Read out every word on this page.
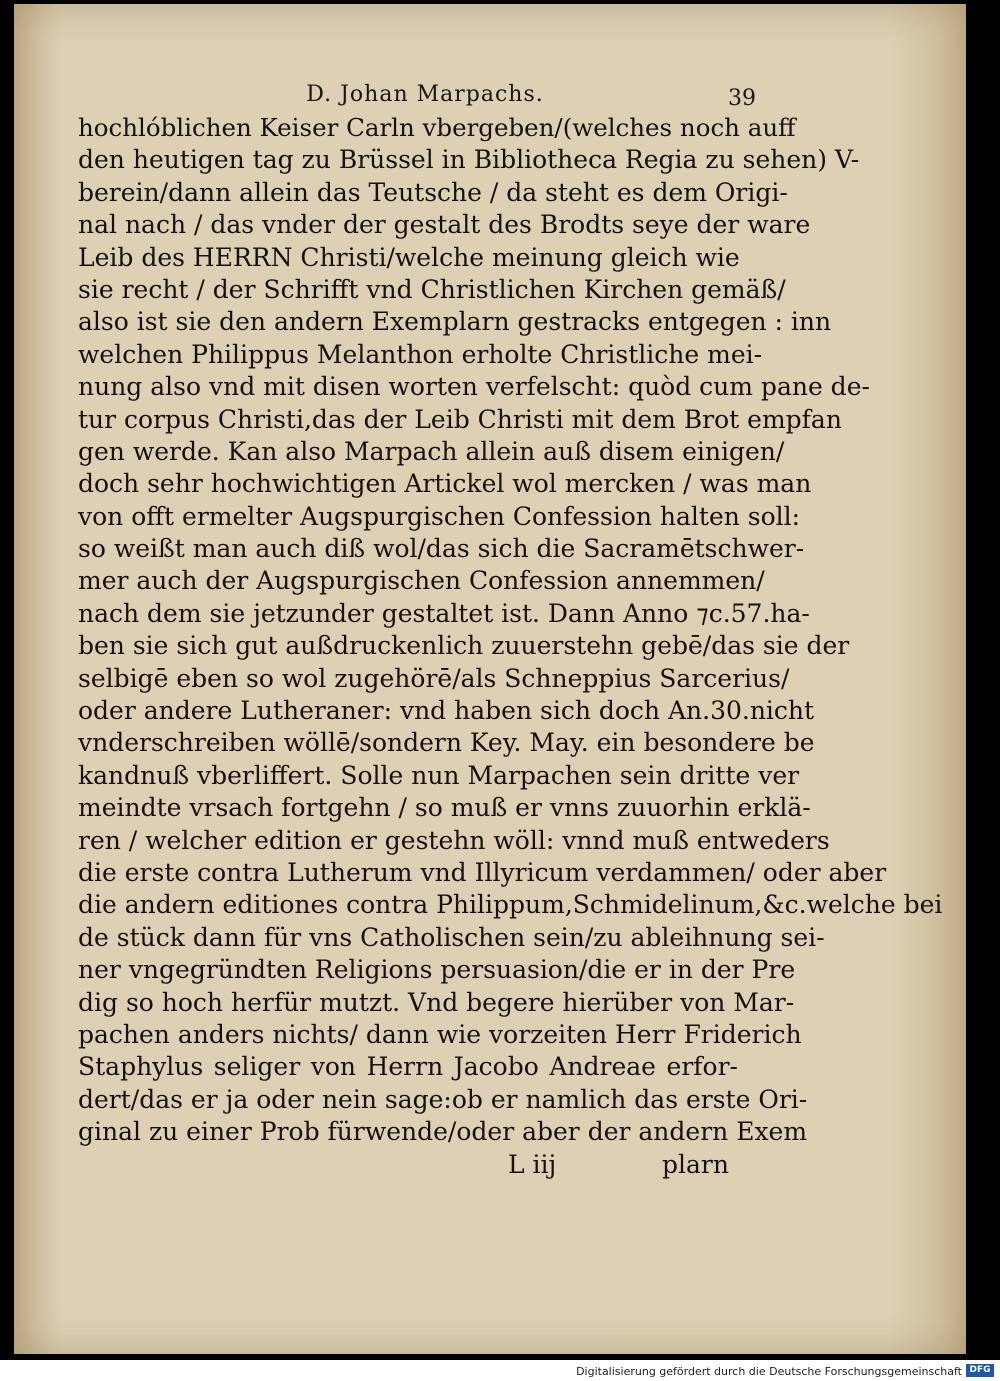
D. Johan Marpachs.	39
hochlóblichen Keiser Carln vbergeben/(welches noch auff
den heutigen tag zu Brüssel in Bibliotheca Regia zu sehen) V-
berein/dann allein das Teutsche / da steht es dem Origi-
nal nach / das vnder der gestalt des Brodts seye der ware
Leib des HERRN Christi/welche meinung gleich wie
sie recht / der Schrifft vnd Christlichen Kirchen gemäß/
also ist sie den andern Exemplarn gestracks entgegen : inn
welchen Philippus Melanthon erholte Christliche mei-
nung also vnd mit disen worten verfelscht: quòd cum pane de-
tur corpus Christi,das der Leib Christi mit dem Brot empfan
gen werde. Kan also Marpach allein auß disem einigen/
doch sehr hochwichtigen Artickel wol mercken / was man
von offt ermelter Augspurgischen Confession halten soll:
so weißt man auch diß wol/das sich die Sacramētschwer-
mer auch der Augspurgischen Confession annemmen/
nach dem sie jetzunder gestaltet ist. Dann Anno ⁊c.57.ha-
ben sie sich gut außdruckenlich zuuerstehn gebē/das sie der
selbigē eben so wol zugehörē/als Schneppius Sarcerius/
oder andere Lutheraner: vnd haben sich doch An.30.nicht
vnderschreiben wöllē/sondern Key. May. ein besondere be
kandnuß vberliffert. Solle nun Marpachen sein dritte ver
meindte vrsach fortgehn / so muß er vnns zuuorhin erklä-
ren / welcher edition er gestehn wöll: vnnd muß entweders
die erste contra Lutherum vnd Illyricum verdammen/ oder aber
die andern editiones contra Philippum,Schmidelinum,&c.welche bei
de stück dann für vns Catholischen sein/zu ableihnung sei-
ner vngegründten Religions persuasion/die er in der Pre
dig so hoch herfür mutzt. Vnd begere hierüber von Mar-
pachen anders nichts/ dann wie vorzeiten Herr Friderich
Staphylus seliger von Herrn Jacobo Andreae erfor-
dert/das er ja oder nein sage:ob er namlich das erste Ori-
ginal zu einer Prob fürwende/oder aber der andern Exem
L iij	plarn
Digitalisierung gefördert durch die Deutsche Forschungsgemeinschaft DFG
